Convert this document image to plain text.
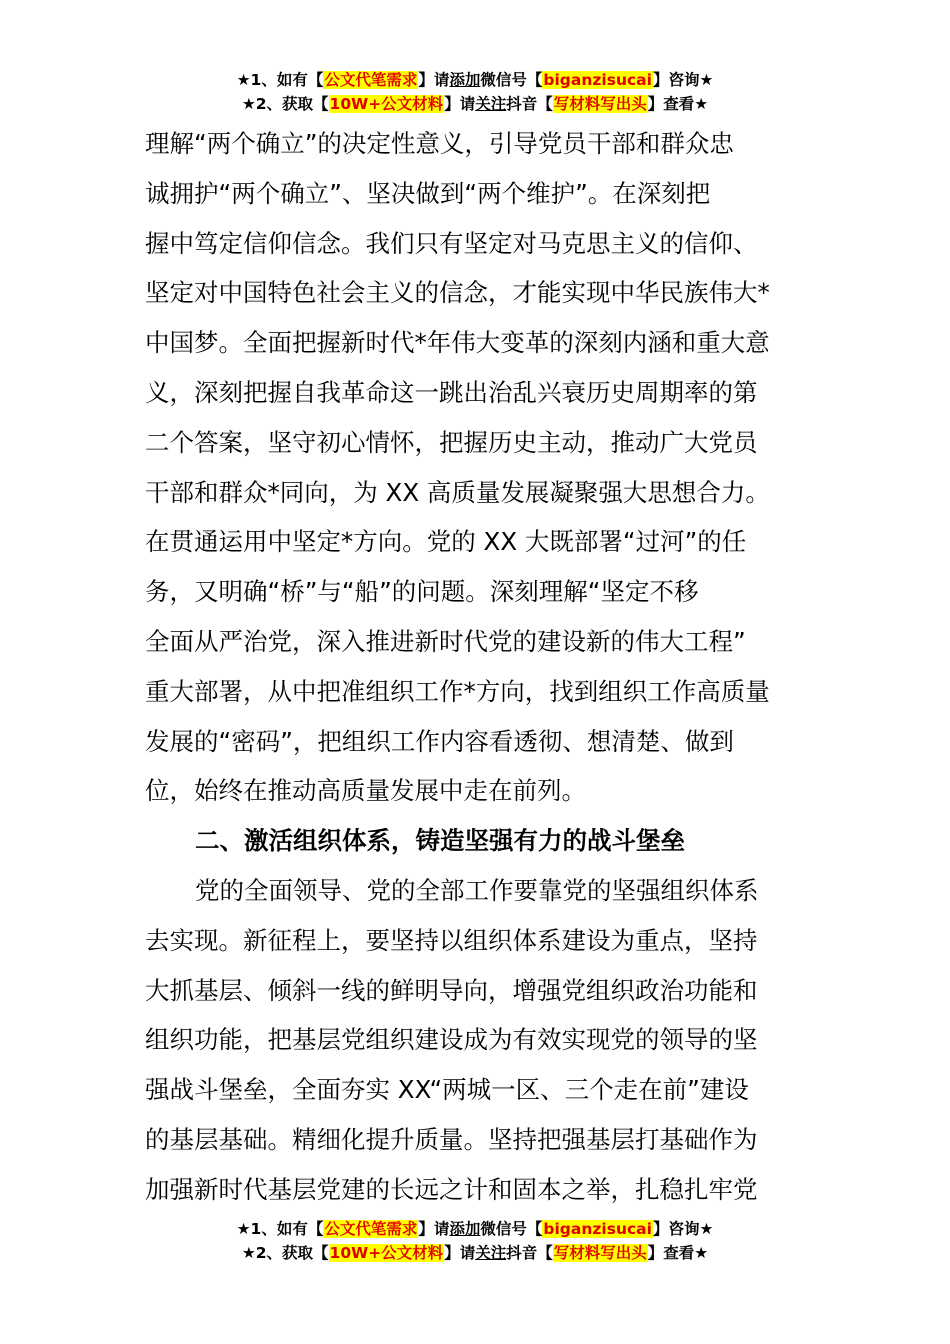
★1、如有【公文代笔需求】请添加微信号【biganzisucai】咨询★
★2、获取【10W+公文材料】请关注抖音【写材料写出头】查看★
理解“两个确立”的决定性意义，引导党员干部和群众忠
诚拥护“两个确立”、坚决做到“两个维护”。在深刻把
握中笃定信仰信念。我们只有坚定对马克思主义的信仰、
坚定对中国特色社会主义的信念，才能实现中华民族伟大*
中国梦。全面把握新时代*年伟大变革的深刻内涵和重大意
义，深刻把握自我革命这一跳出治乱兴衰历史周期率的第
二个答案，坚守初心情怀，把握历史主动，推动广大党员
干部和群众*同向，为 XX 高质量发展凝聚强大思想合力。
在贯通运用中坚定*方向。党的 XX 大既部署“过河”的任
务，又明确“桥”与“船”的问题。深刻理解“坚定不移
全面从严治党，深入推进新时代党的建设新的伟大工程”
重大部署，从中把准组织工作*方向，找到组织工作高质量
发展的“密码”，把组织工作内容看透彻、想清楚、做到
位，始终在推动高质量发展中走在前列。
二、激活组织体系，铸造坚强有力的战斗堡垒
党的全面领导、党的全部工作要靠党的坚强组织体系
去实现。新征程上，要坚持以组织体系建设为重点，坚持
大抓基层、倾斜一线的鲜明导向，增强党组织政治功能和
组织功能，把基层党组织建设成为有效实现党的领导的坚
强战斗堡垒，全面夯实 XX“两城一区、三个走在前”建设
的基层基础。精细化提升质量。坚持把强基层打基础作为
加强新时代基层党建的长远之计和固本之举，扎稳扎牢党
★1、如有【公文代笔需求】请添加微信号【biganzisucai】咨询★
★2、获取【10W+公文材料】请关注抖音【写材料写出头】查看★
